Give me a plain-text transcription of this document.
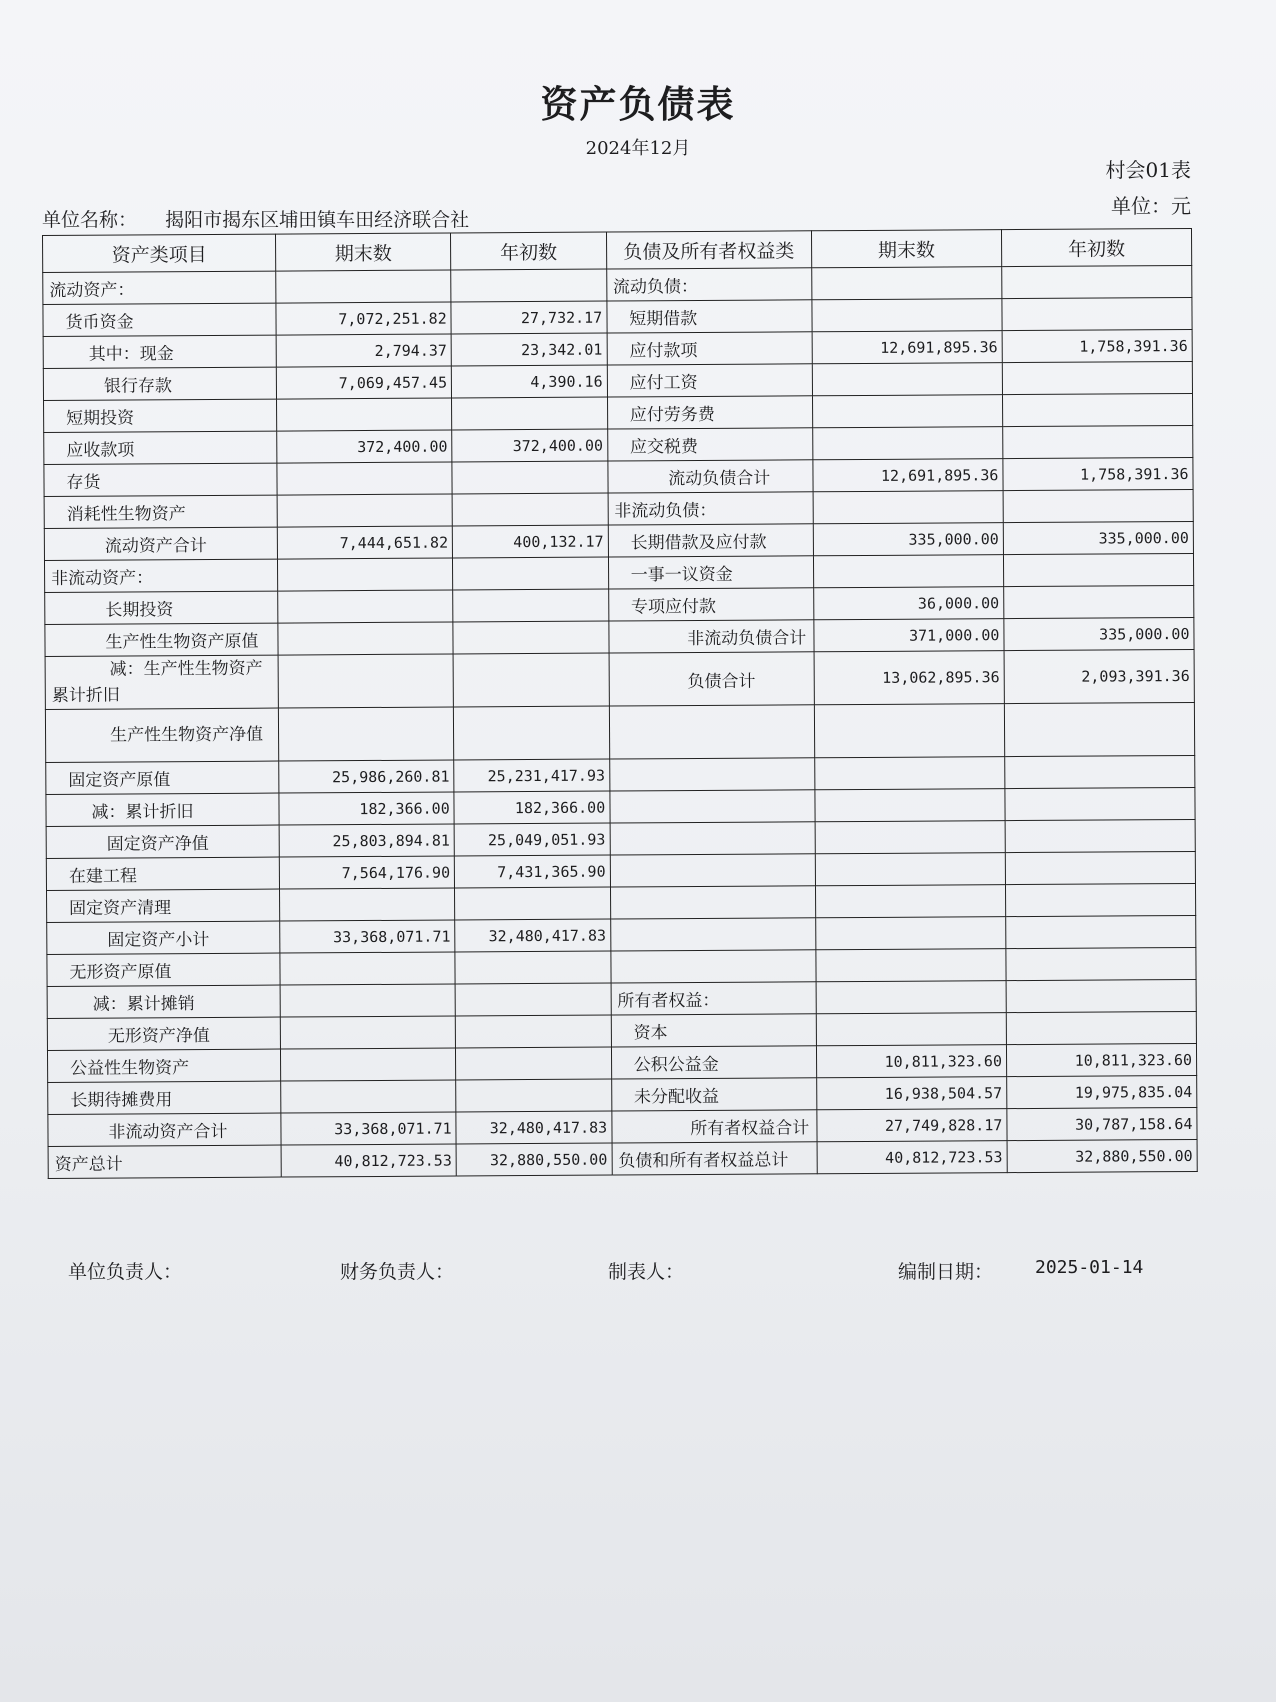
资产负债表
2024年12月
村会01表
单位：元
单位名称： 揭阳市揭东区埔田镇车田经济联合社
资产类项目	期末数	年初数	负债及所有者权益类	期末数	年初数
流动资产：			流动负债：		
货币资金	7,072,251.82	27,732.17	短期借款		
其中：现金	2,794.37	23,342.01	应付款项	12,691,895.36	1,758,391.36
银行存款	7,069,457.45	4,390.16	应付工资		
短期投资			应付劳务费		
应收款项	372,400.00	372,400.00	应交税费		
存货			流动负债合计	12,691,895.36	1,758,391.36
消耗性生物资产			非流动负债：		
流动资产合计	7,444,651.82	400,132.17	长期借款及应付款	335,000.00	335,000.00
非流动资产：			一事一议资金		
长期投资			专项应付款	36,000.00	
生产性生物资产原值			非流动负债合计	371,000.00	335,000.00
减：生产性生物资产累计折旧			负债合计	13,062,895.36	2,093,391.36
生产性生物资产净值					
固定资产原值	25,986,260.81	25,231,417.93			
减：累计折旧	182,366.00	182,366.00			
固定资产净值	25,803,894.81	25,049,051.93			
在建工程	7,564,176.90	7,431,365.90			
固定资产清理					
固定资产小计	33,368,071.71	32,480,417.83			
无形资产原值					
减：累计摊销			所有者权益：		
无形资产净值			资本		
公益性生物资产			公积公益金	10,811,323.60	10,811,323.60
长期待摊费用			未分配收益	16,938,504.57	19,975,835.04
非流动资产合计	33,368,071.71	32,480,417.83	所有者权益合计	27,749,828.17	30,787,158.64
资产总计	40,812,723.53	32,880,550.00	负债和所有者权益总计	40,812,723.53	32,880,550.00
单位负责人：	财务负责人：	制表人：	编制日期： 2025-01-14
